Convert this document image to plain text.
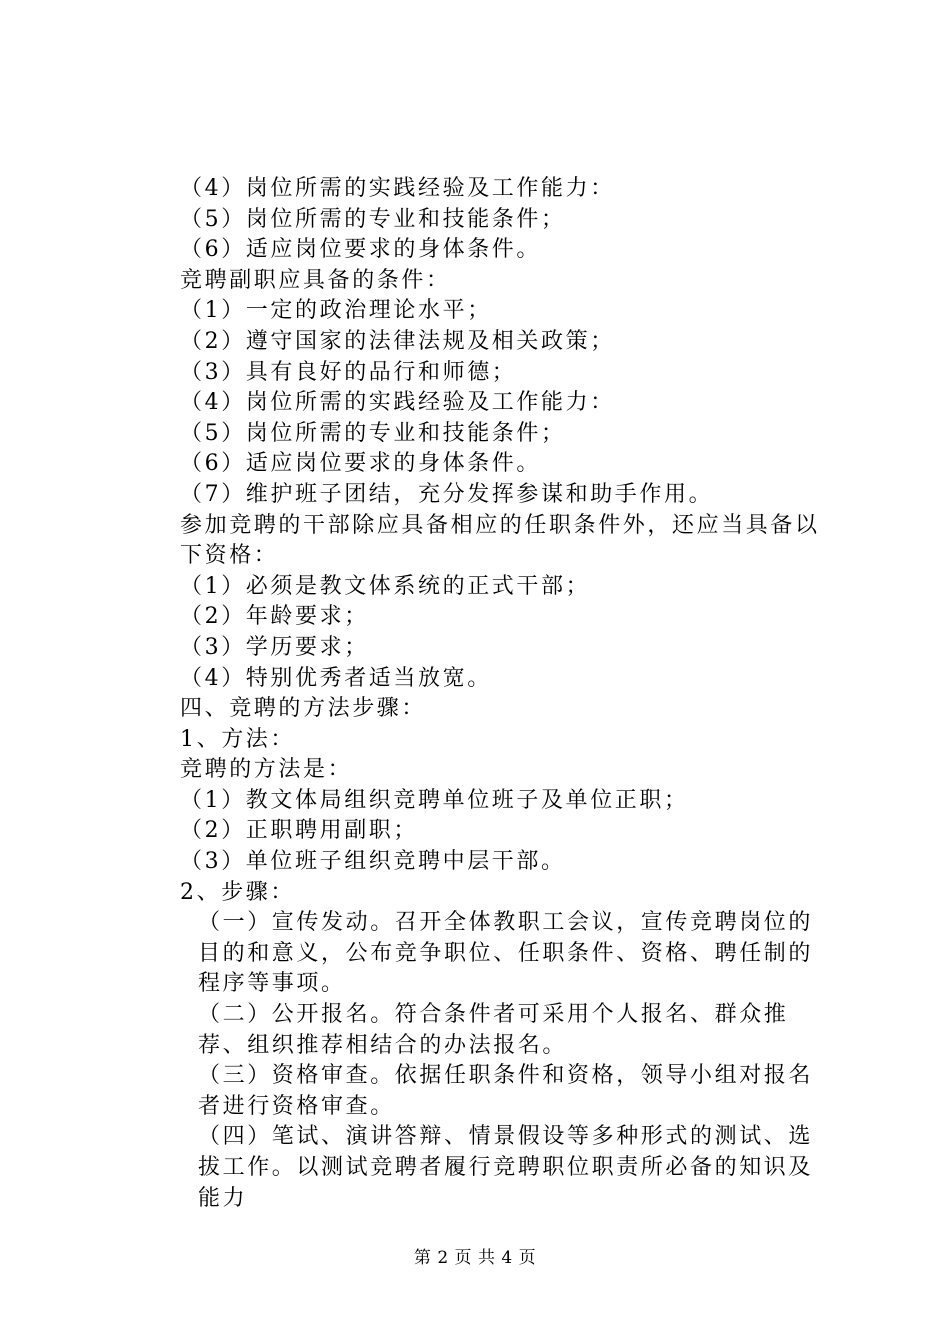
（4）岗位所需的实践经验及工作能力：
（5）岗位所需的专业和技能条件；
（6）适应岗位要求的身体条件。
竞聘副职应具备的条件：
（1）一定的政治理论水平；
（2）遵守国家的法律法规及相关政策；
（3）具有良好的品行和师德；
（4）岗位所需的实践经验及工作能力：
（5）岗位所需的专业和技能条件；
（6）适应岗位要求的身体条件。
（7）维护班子团结，充分发挥参谋和助手作用。
参加竞聘的干部除应具备相应的任职条件外，还应当具备以下资格：
（1）必须是教文体系统的正式干部；
（2）年龄要求；
（3）学历要求；
（4）特别优秀者适当放宽。
四、竞聘的方法步骤：
1、方法：
竞聘的方法是：
（1）教文体局组织竞聘单位班子及单位正职；
（2）正职聘用副职；
（3）单位班子组织竞聘中层干部。
2、步骤：
（一）宣传发动。召开全体教职工会议，宣传竞聘岗位的目的和意义，公布竞争职位、任职条件、资格、聘任制的程序等事项。
（二）公开报名。符合条件者可采用个人报名、群众推荐、组织推荐相结合的办法报名。
（三）资格审查。依据任职条件和资格，领导小组对报名者进行资格审查。
（四）笔试、演讲答辩、情景假设等多种形式的测试、选拔工作。以测试竞聘者履行竞聘职位职责所必备的知识及能力
第 2 页 共 4 页
